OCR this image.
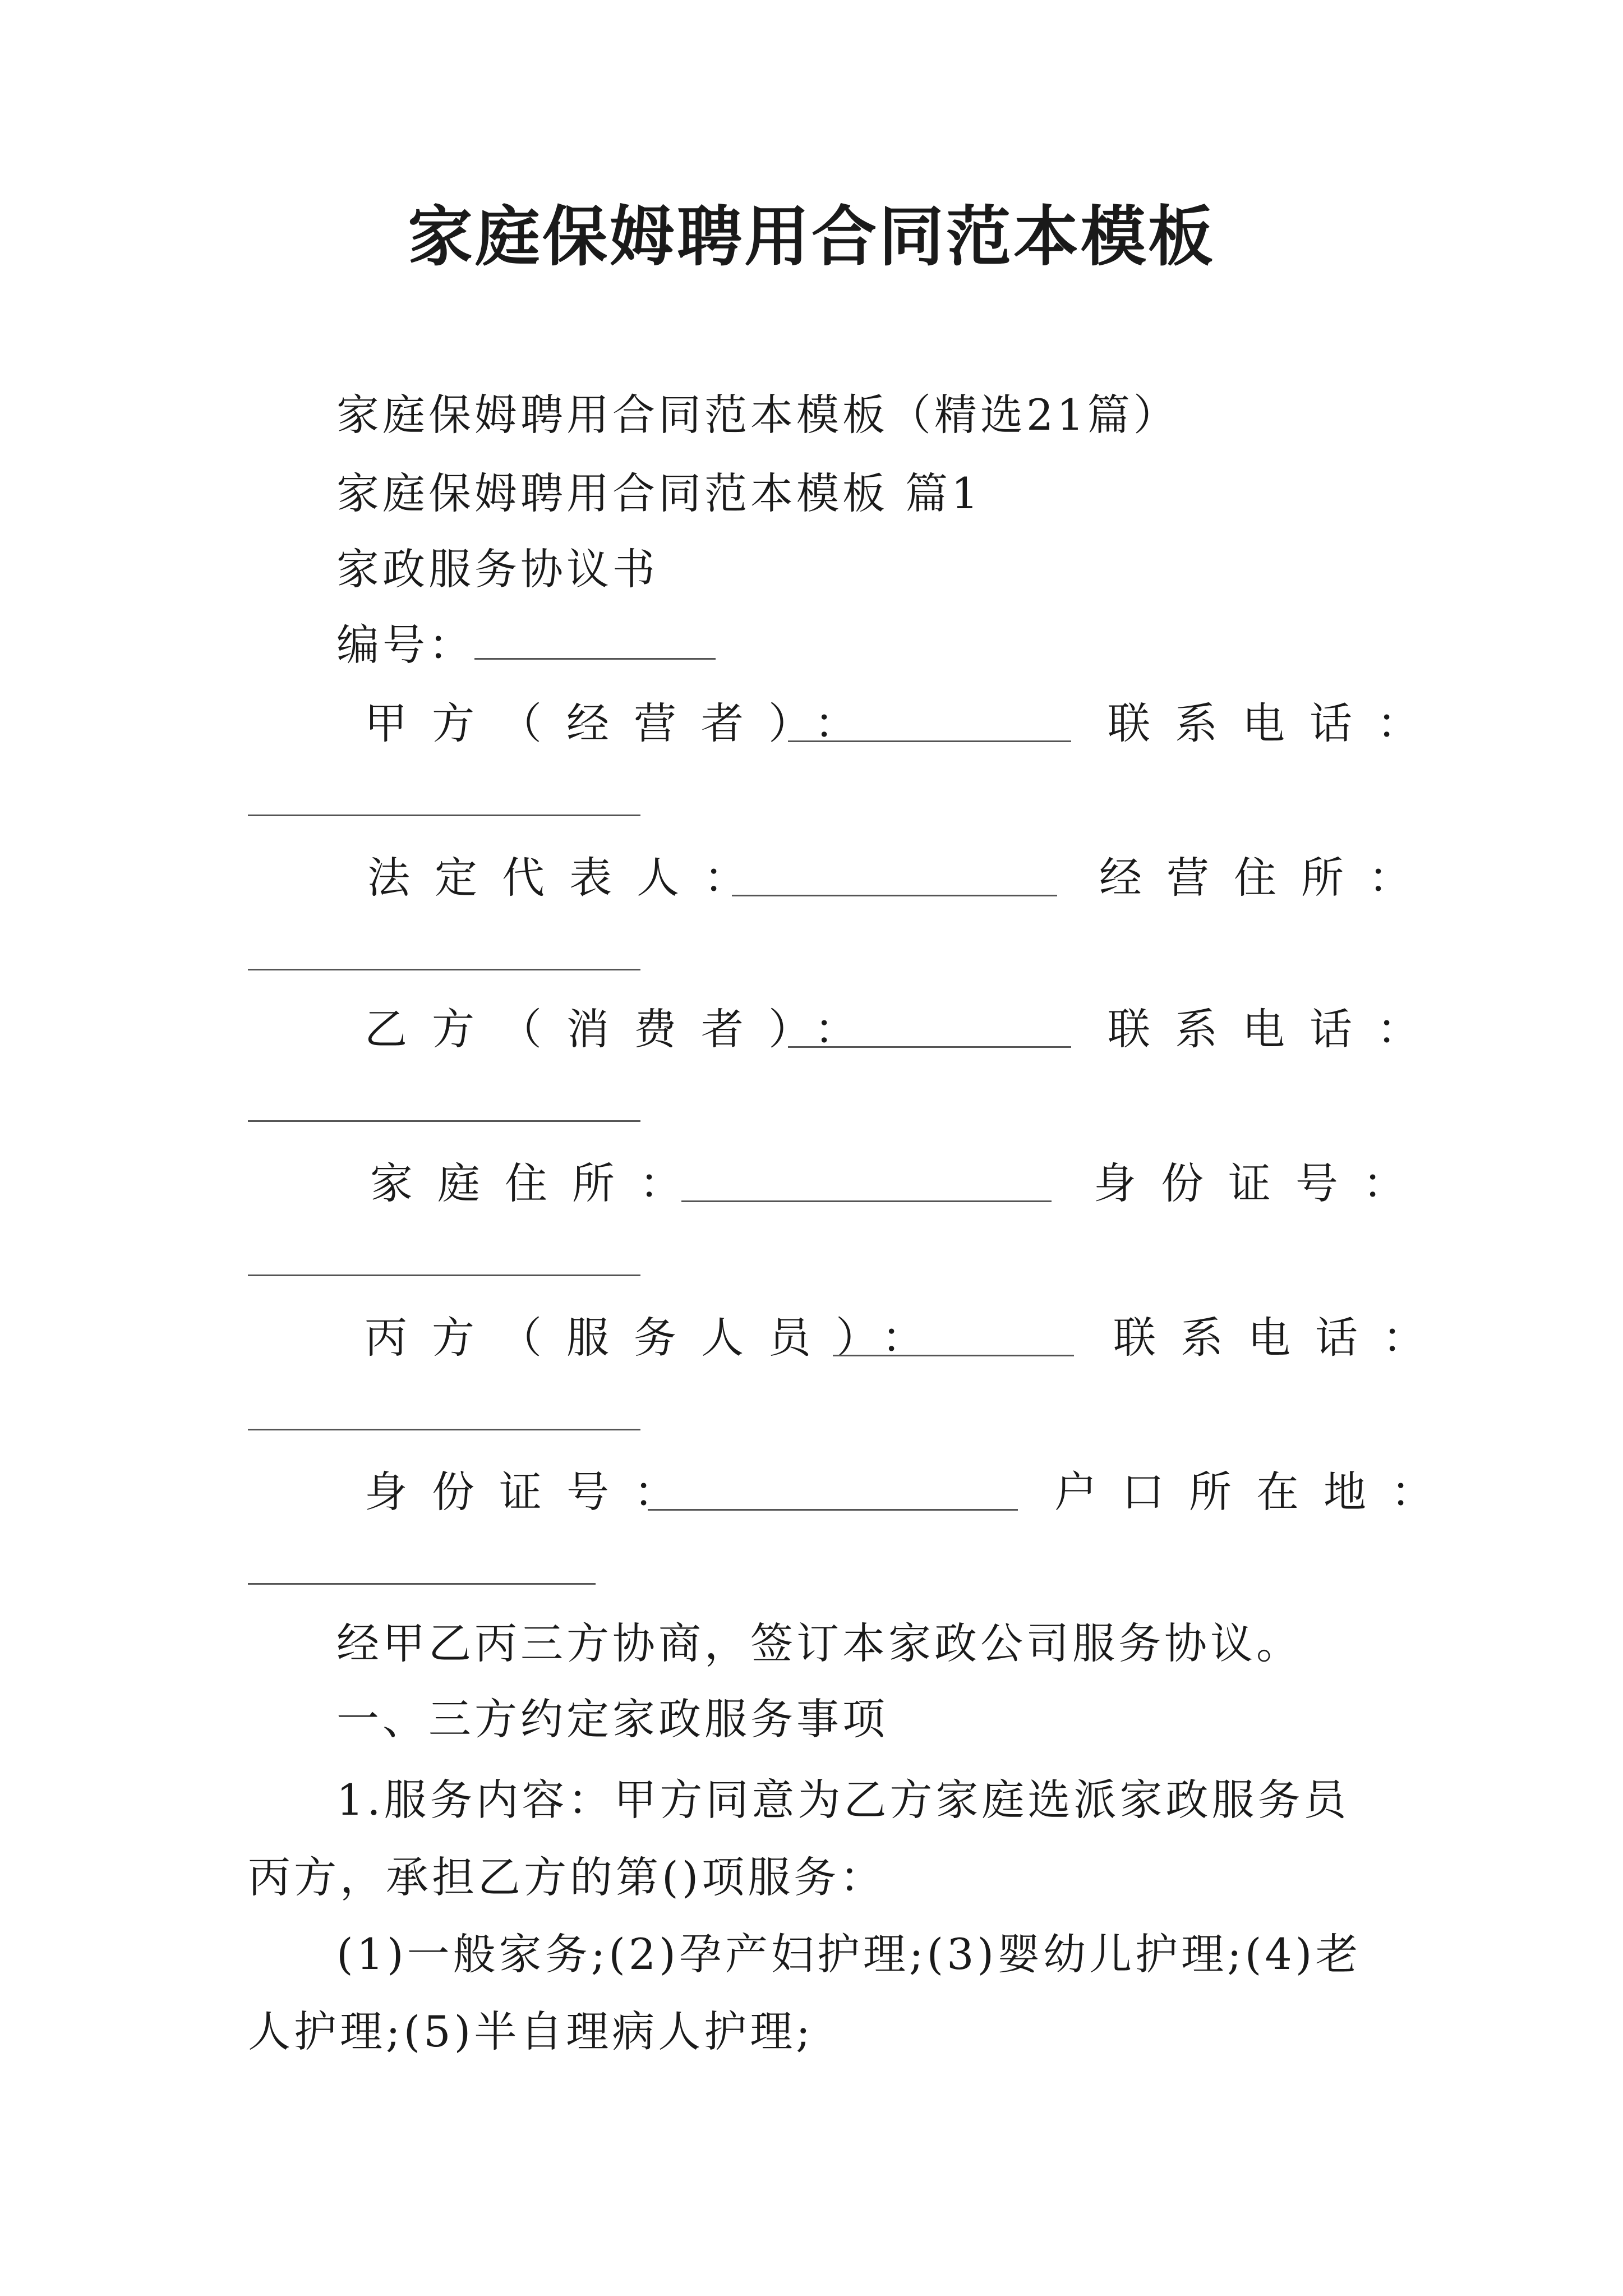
家庭保姆聘用合同范本模板
家庭保姆聘用合同范本模板（精选21篇）
家庭保姆聘用合同范本模板 篇1
家政服务协议书
编号：
甲方（经营者）：	联系电话：
法定代表人：	经营住所：
乙方（消费者）：	联系电话：
家庭住所：	身份证号：
丙方（服务人员）：	联系电话：
身份证号：	户口所在地：
经甲乙丙三方协商，签订本家政公司服务协议。
一、三方约定家政服务事项
1.服务内容：甲方同意为乙方家庭选派家政服务员丙方，承担乙方的第()项服务：
(1)一般家务;(2)孕产妇护理;(3)婴幼儿护理;(4)老人护理;(5)半自理病人护理;
